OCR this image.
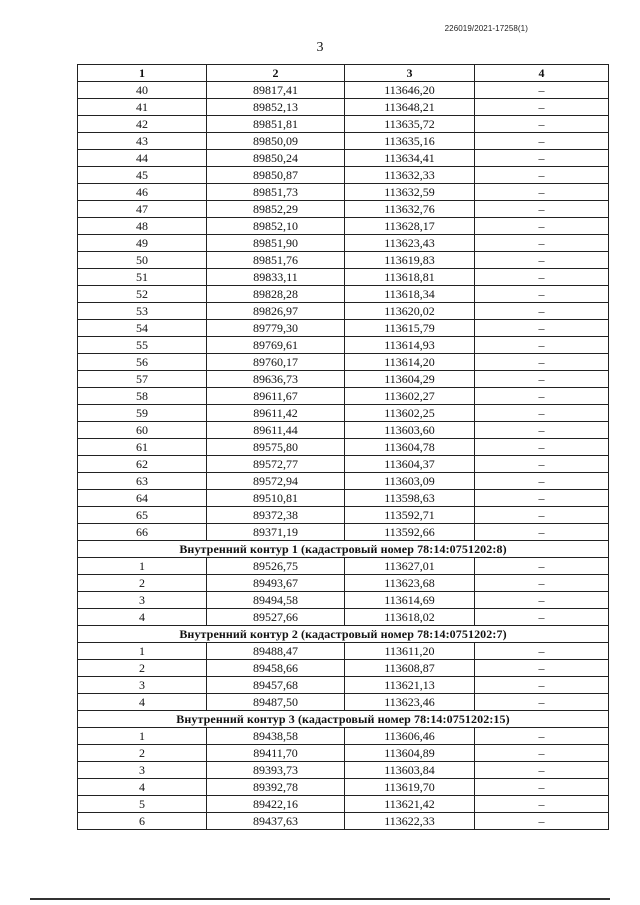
226019/2021-17258(1)
3
1	2	3	4
40	89817,41	113646,20	–
41	89852,13	113648,21	–
42	89851,81	113635,72	–
43	89850,09	113635,16	–
44	89850,24	113634,41	–
45	89850,87	113632,33	–
46	89851,73	113632,59	–
47	89852,29	113632,76	–
48	89852,10	113628,17	–
49	89851,90	113623,43	–
50	89851,76	113619,83	–
51	89833,11	113618,81	–
52	89828,28	113618,34	–
53	89826,97	113620,02	–
54	89779,30	113615,79	–
55	89769,61	113614,93	–
56	89760,17	113614,20	–
57	89636,73	113604,29	–
58	89611,67	113602,27	–
59	89611,42	113602,25	–
60	89611,44	113603,60	–
61	89575,80	113604,78	–
62	89572,77	113604,37	–
63	89572,94	113603,09	–
64	89510,81	113598,63	–
65	89372,38	113592,71	–
66	89371,19	113592,66	–
Внутренний контур 1 (кадастровый номер 78:14:0751202:8)			
1	89526,75	113627,01	–
2	89493,67	113623,68	–
3	89494,58	113614,69	–
4	89527,66	113618,02	–
Внутренний контур 2 (кадастровый номер 78:14:0751202:7)			
1	89488,47	113611,20	–
2	89458,66	113608,87	–
3	89457,68	113621,13	–
4	89487,50	113623,46	–
Внутренний контур 3 (кадастровый номер 78:14:0751202:15)			
1	89438,58	113606,46	–
2	89411,70	113604,89	–
3	89393,73	113603,84	–
4	89392,78	113619,70	–
5	89422,16	113621,42	–
6	89437,63	113622,33	–
